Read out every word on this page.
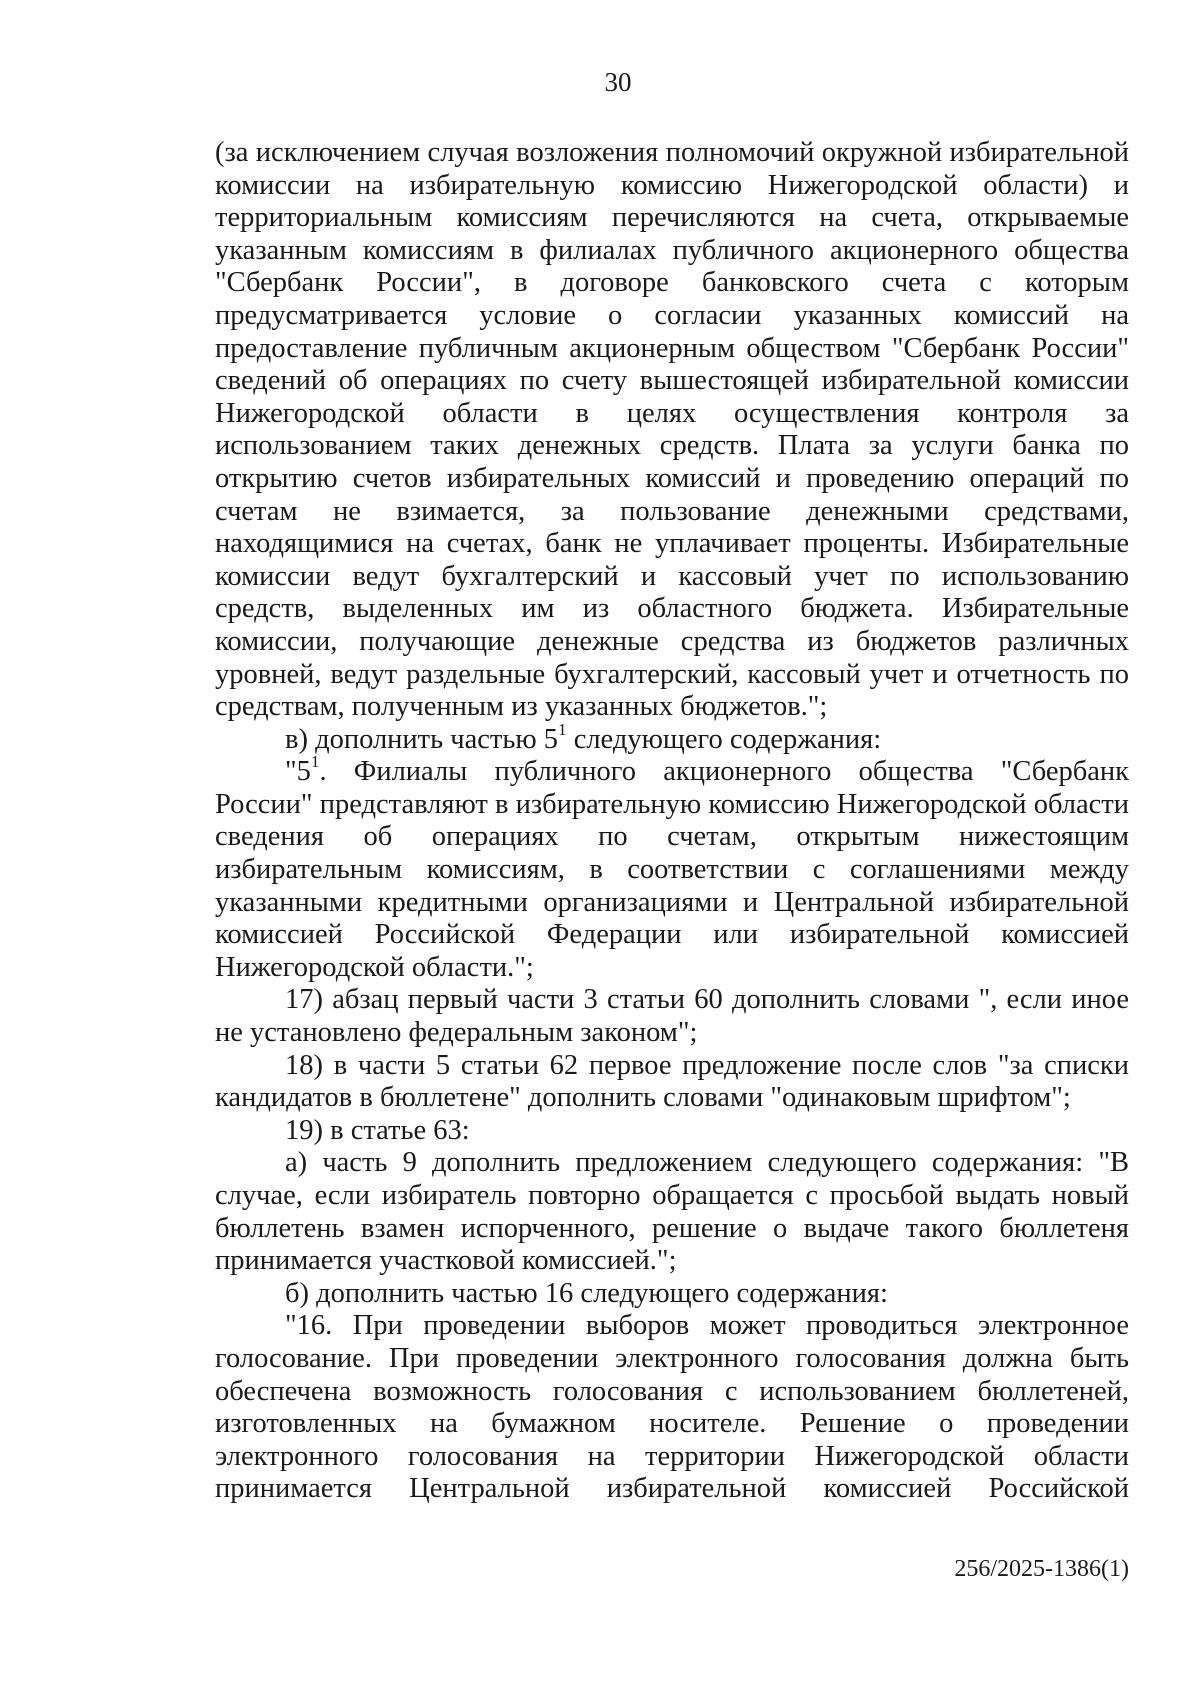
30

(за исключением случая возложения полномочий окружной избирательной комиссии на избирательную комиссию Нижегородской области) и территориальным комиссиям перечисляются на счета, открываемые указанным комиссиям в филиалах публичного акционерного общества "Сбербанк России", в договоре банковского счета с которым предусматривается условие о согласии указанных комиссий на предоставление публичным акционерным обществом "Сбербанк России" сведений об операциях по счету вышестоящей избирательной комиссии Нижегородской области в целях осуществления контроля за использованием таких денежных средств. Плата за услуги банка по открытию счетов избирательных комиссий и проведению операций по счетам не взимается, за пользование денежными средствами, находящимися на счетах, банк не уплачивает проценты. Избирательные комиссии ведут бухгалтерский и кассовый учет по использованию средств, выделенных им из областного бюджета. Избирательные комиссии, получающие денежные средства из бюджетов различных уровней, ведут раздельные бухгалтерский, кассовый учет и отчетность по средствам, полученным из указанных бюджетов.";

в) дополнить частью $5^1$ следующего содержания:

"$5^1$. Филиалы публичного акционерного общества "Сбербанк России" представляют в избирательную комиссию Нижегородской области сведения об операциях по счетам, открытым нижестоящим избирательным комиссиям, в соответствии с соглашениями между указанными кредитными организациями и Центральной избирательной комиссией Российской Федерации или избирательной комиссией Нижегородской области.";

17) абзац первый части 3 статьи 60 дополнить словами ", если иное не установлено федеральным законом";

18) в части 5 статьи 62 первое предложение после слов "за списки кандидатов в бюллетене" дополнить словами "одинаковым шрифтом";

19) в статье 63:

а) часть 9 дополнить предложением следующего содержания: "В случае, если избиратель повторно обращается с просьбой выдать новый бюллетень взамен испорченного, решение о выдаче такого бюллетеня принимается участковой комиссией.";

б) дополнить частью 16 следующего содержания:

"16. При проведении выборов может проводиться электронное голосование. При проведении электронного голосования должна быть обеспечена возможность голосования с использованием бюллетеней, изготовленных на бумажном носителе. Решение о проведении электронного голосования на территории Нижегородской области принимается Центральной избирательной комиссией Российской

256/2025-1386(1)
